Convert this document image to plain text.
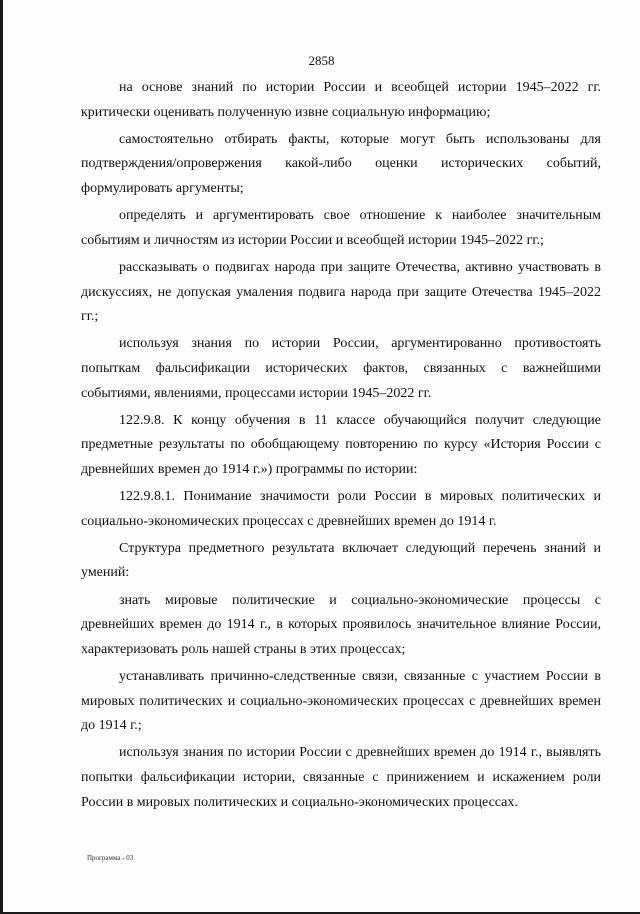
2858

на основе знаний по истории России и всеобщей истории 1945–2022 гг. критически оценивать полученную извне социальную информацию;

самостоятельно отбирать факты, которые могут быть использованы для подтверждения/опровержения какой-либо оценки исторических событий, формулировать аргументы;

определять и аргументировать свое отношение к наиболее значительным событиям и личностям из истории России и всеобщей истории 1945–2022 гг.;

рассказывать о подвигах народа при защите Отечества, активно участвовать в дискуссиях, не допуская умаления подвига народа при защите Отечества 1945–2022 гг.;

используя знания по истории России, аргументированно противостоять попыткам фальсификации исторических фактов, связанных с важнейшими событиями, явлениями, процессами истории 1945–2022 гг.

122.9.8. К концу обучения в 11 классе обучающийся получит следующие предметные результаты по обобщающему повторению по курсу «История России с древнейших времен до 1914 г.») программы по истории:

122.9.8.1. Понимание значимости роли России в мировых политических и социально-экономических процессах с древнейших времен до 1914 г.

Структура предметного результата включает следующий перечень знаний и умений:

знать мировые политические и социально-экономические процессы с древнейших времен до 1914 г., в которых проявилось значительное влияние России, характеризовать роль нашей страны в этих процессах;

устанавливать причинно-следственные связи, связанные с участием России в мировых политических и социально-экономических процессах с древнейших времен до 1914 г.;

используя знания по истории России с древнейших времен до 1914 г., выявлять попытки фальсификации истории, связанные с принижением и искажением роли России в мировых политических и социально-экономических процессах.

Программа - 03
